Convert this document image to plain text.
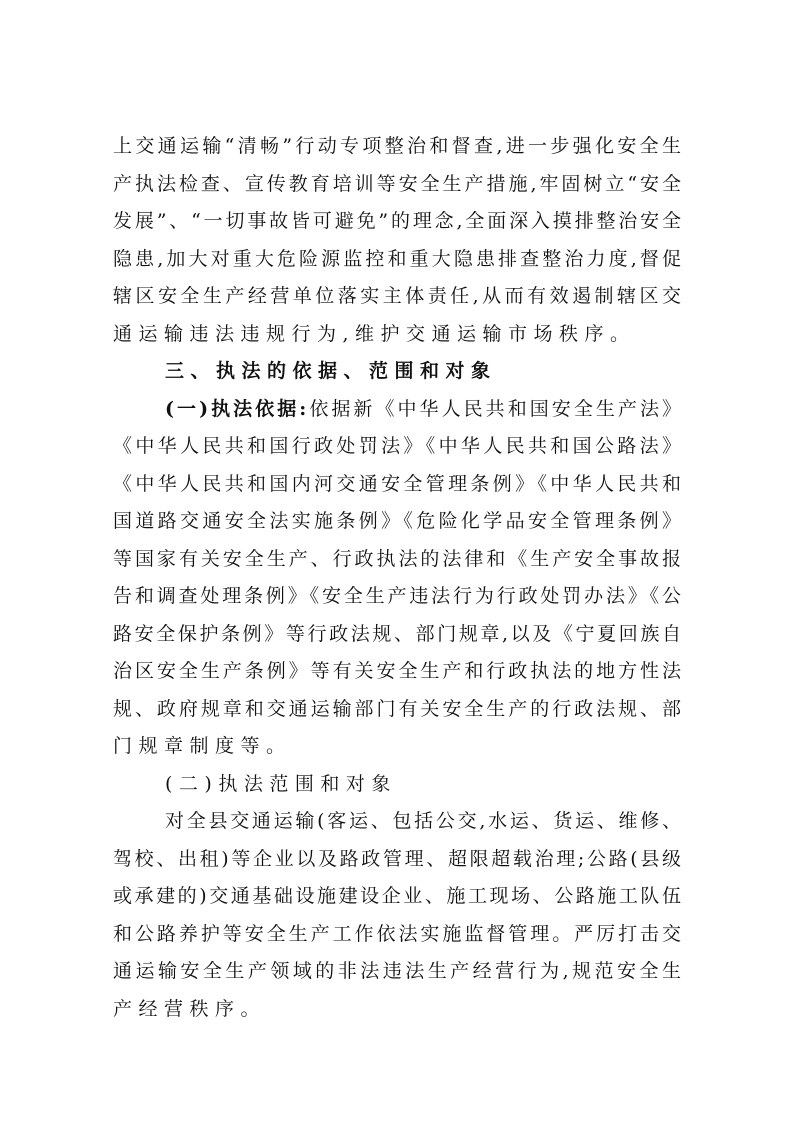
上交通运输“清畅”行动专项整治和督查,进一步强化安全生
产执法检查、宣传教育培训等安全生产措施,牢固树立“安全
发展”、“一切事故皆可避免”的理念,全面深入摸排整治安全
隐患,加大对重大危险源监控和重大隐患排查整治力度,督促
辖区安全生产经营单位落实主体责任,从而有效遏制辖区交
通运输违法违规行为,维护交通运输市场秩序。
三、执法的依据、范围和对象
(一)执法依据:依据新《中华人民共和国安全生产法》
《中华人民共和国行政处罚法》《中华人民共和国公路法》
《中华人民共和国内河交通安全管理条例》《中华人民共和
国道路交通安全法实施条例》《危险化学品安全管理条例》
等国家有关安全生产、行政执法的法律和《生产安全事故报
告和调查处理条例》《安全生产违法行为行政处罚办法》《公
路安全保护条例》等行政法规、部门规章,以及《宁夏回族自
治区安全生产条例》等有关安全生产和行政执法的地方性法
规、政府规章和交通运输部门有关安全生产的行政法规、部
门规章制度等。
(二)执法范围和对象
对全县交通运输(客运、包括公交,水运、货运、维修、
驾校、出租)等企业以及路政管理、超限超载治理;公路(县级
或承建的)交通基础设施建设企业、施工现场、公路施工队伍
和公路养护等安全生产工作依法实施监督管理。严厉打击交
通运输安全生产领域的非法违法生产经营行为,规范安全生
产经营秩序。
